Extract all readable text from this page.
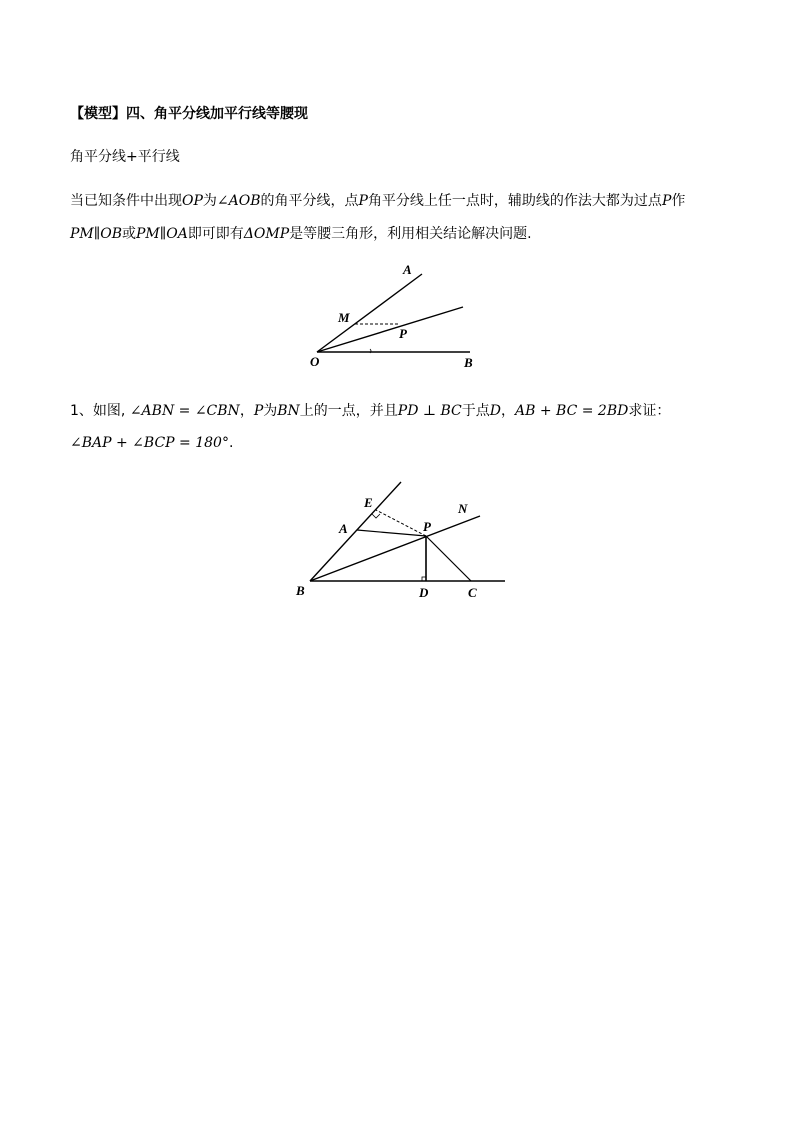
【模型】四、角平分线加平行线等腰现
角平分线+平行线
当已知条件中出现OP为∠AOB的角平分线，点P角平分线上任一点时，辅助线的作法大都为过点P作
PM∥OB或PM∥OA即可即有ΔOMP是等腰三角形，利用相关结论解决问题.
A
M
P
O	B
1、如图, ∠ABN = ∠CBN，P为BN上的一点，并且PD ⊥ BC于点D，AB + BC = 2BD求证：
∠BAP + ∠BCP = 180°.
E	N
A	P
B	D	C
